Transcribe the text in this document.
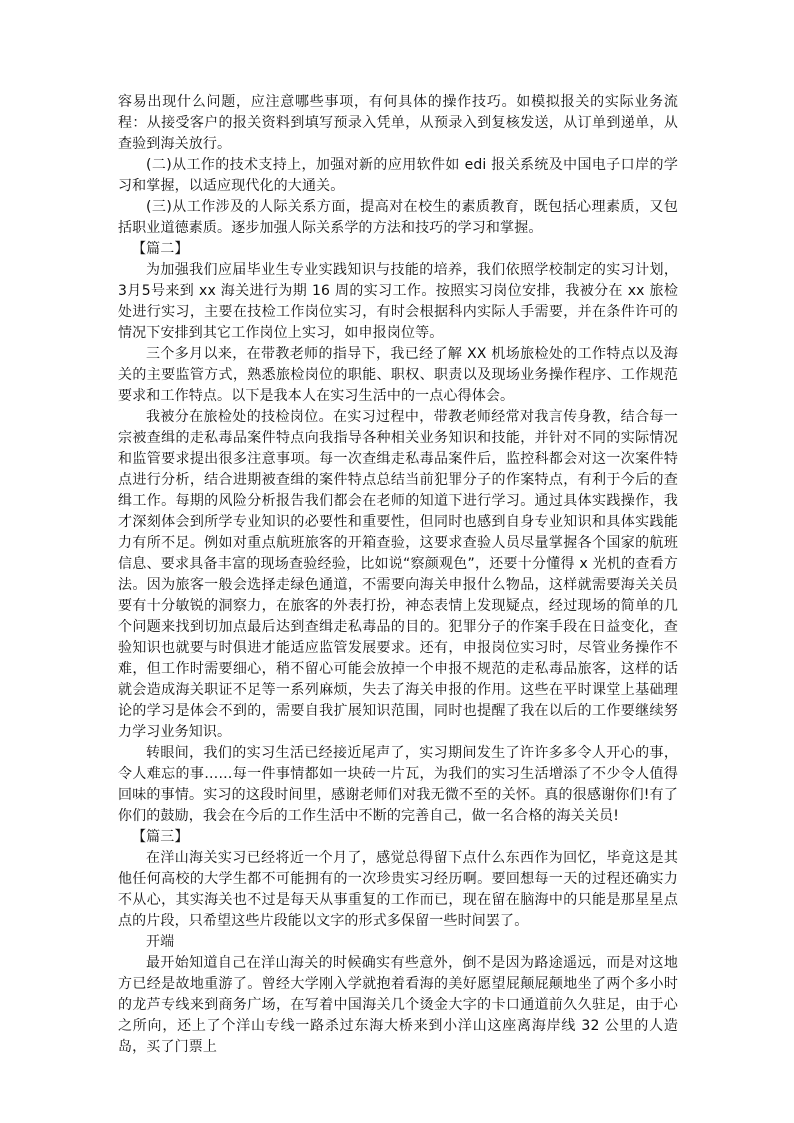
容易出现什么问题，应注意哪些事项，有何具体的操作技巧。如模拟报关的实际业务流程：从接受客户的报关资料到填写预录入凭单，从预录入到复核发送，从订单到递单，从查验到海关放行。

(二)从工作的技术支持上，加强对新的应用软件如 edi 报关系统及中国电子口岸的学习和掌握，以适应现代化的大通关。

(三)从工作涉及的人际关系方面，提高对在校生的素质教育，既包括心理素质，又包括职业道德素质。逐步加强人际关系学的方法和技巧的学习和掌握。

【篇二】

为加强我们应届毕业生专业实践知识与技能的培养，我们依照学校制定的实习计划，3月5号来到 xx 海关进行为期 16 周的实习工作。按照实习岗位安排，我被分在 xx 旅检处进行实习，主要在技检工作岗位实习，有时会根据科内实际人手需要，并在条件许可的情况下安排到其它工作岗位上实习，如申报岗位等。

三个多月以来，在带教老师的指导下，我已经了解 XX 机场旅检处的工作特点以及海关的主要监管方式，熟悉旅检岗位的职能、职权、职责以及现场业务操作程序、工作规范要求和工作特点。以下是我本人在实习生活中的一点心得体会。

我被分在旅检处的技检岗位。在实习过程中，带教老师经常对我言传身教，结合每一宗被查缉的走私毒品案件特点向我指导各种相关业务知识和技能，并针对不同的实际情况和监管要求提出很多注意事项。每一次查缉走私毒品案件后，监控科都会对这一次案件特点进行分析，结合进期被查缉的案件特点总结当前犯罪分子的作案特点，有利于今后的查缉工作。每期的风险分析报告我们都会在老师的知道下进行学习。通过具体实践操作，我才深刻体会到所学专业知识的必要性和重要性，但同时也感到自身专业知识和具体实践能力有所不足。例如对重点航班旅客的开箱查验，这要求查验人员尽量掌握各个国家的航班信息、要求具备丰富的现场查验经验，比如说“察颜观色”，还要十分懂得 x 光机的查看方法。因为旅客一般会选择走绿色通道，不需要向海关申报什么物品，这样就需要海关关员要有十分敏锐的洞察力，在旅客的外表打扮，神态表情上发现疑点，经过现场的简单的几个问题来找到切加点最后达到查缉走私毒品的目的。犯罪分子的作案手段在日益变化，查验知识也就要与时俱进才能适应监管发展要求。还有，申报岗位实习时，尽管业务操作不难，但工作时需要细心，稍不留心可能会放掉一个申报不规范的走私毒品旅客，这样的话就会造成海关职证不足等一系列麻烦，失去了海关申报的作用。这些在平时课堂上基础理论的学习是体会不到的，需要自我扩展知识范围，同时也提醒了我在以后的工作要继续努力学习业务知识。

转眼间，我们的实习生活已经接近尾声了，实习期间发生了许许多多令人开心的事，令人难忘的事……每一件事情都如一块砖一片瓦，为我们的实习生活增添了不少令人值得回味的事情。实习的这段时间里，感谢老师们对我无微不至的关怀。真的很感谢你们!有了你们的鼓励，我会在今后的工作生活中不断的完善自己，做一名合格的海关关员!

【篇三】

在洋山海关实习已经将近一个月了，感觉总得留下点什么东西作为回忆，毕竟这是其他任何高校的大学生都不可能拥有的一次珍贵实习经历啊。要回想每一天的过程还确实力不从心，其实海关也不过是每天从事重复的工作而已，现在留在脑海中的只能是那星星点点的片段，只希望这些片段能以文字的形式多保留一些时间罢了。

开端

最开始知道自己在洋山海关的时候确实有些意外，倒不是因为路途遥远，而是对这地方已经是故地重游了。曾经大学刚入学就抱着看海的美好愿望屁颠屁颠地坐了两个多小时的龙芦专线来到商务广场，在写着中国海关几个烫金大字的卡口通道前久久驻足，由于心之所向，还上了个洋山专线一路杀过东海大桥来到小洋山这座离海岸线 32 公里的人造岛，买了门票上
